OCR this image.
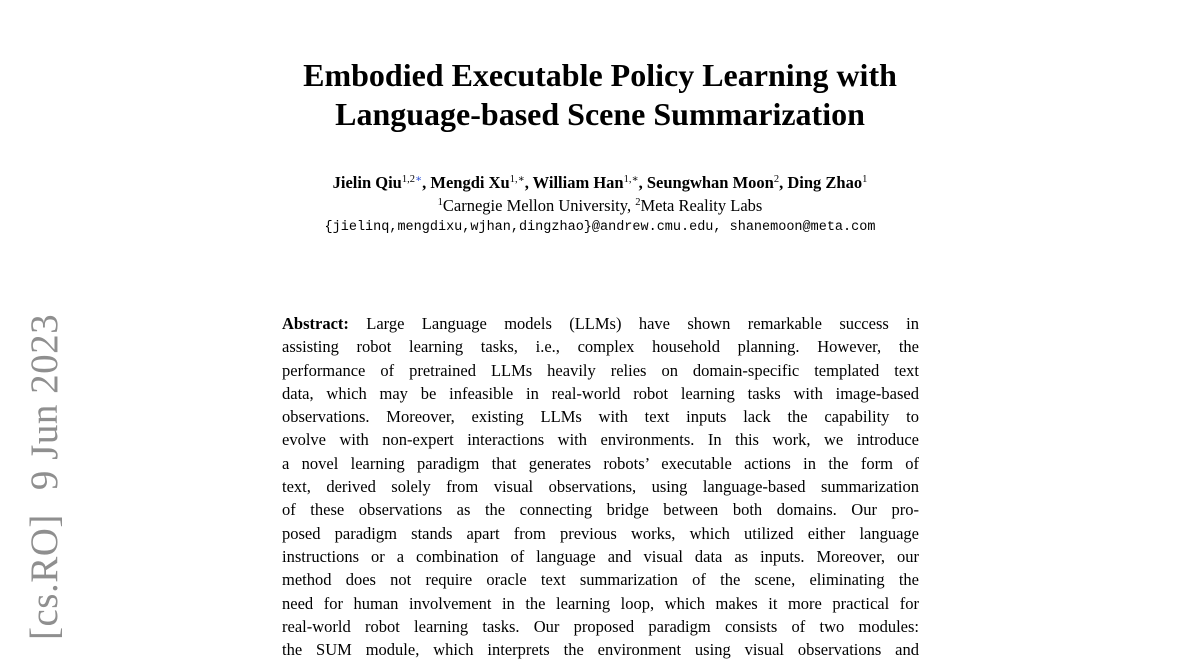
[cs.RO]9 Jun 2023
Embodied Executable Policy Learning with
Language-based Scene Summarization
Jielin Qiu$^{1,2∗}$, Mengdi $Xu^{1,∗}$, William Han$^{1,∗}$, Seungwhan Moon$^2$, Ding Zhao$^1$
$^1$Carnegie Mellon University, $^2$Meta Reality Labs
{jielinq,mengdixu,wjhan,dingzhao}@andrew.cmu.edu, shanemoon@meta.com
Abstract: Large Language models (LLMs) have shown remarkable success in
assisting robot learning tasks, i.e., complex household planning. However, the
performance of pretrained LLMs heavily relies on domain-specific templated text
data, which may be infeasible in real-world robot learning tasks with image-based
observations. Moreover, existing LLMs with text inputs lack the capability to
evolve with non-expert interactions with environments. In this work, we introduce
a novel learning paradigm that generates robots’ executable actions in the form of
text, derived solely from visual observations, using language-based summarization
of these observations as the connecting bridge between both domains. Our pro-
posed paradigm stands apart from previous works, which utilized either language
instructions or a combination of language and visual data as inputs. Moreover, our
method does not require oracle text summarization of the scene, eliminating the
need for human involvement in the learning loop, which makes it more practical for
real-world robot learning tasks. Our proposed paradigm consists of two modules:
the SUM module, which interprets the environment using visual observations and
